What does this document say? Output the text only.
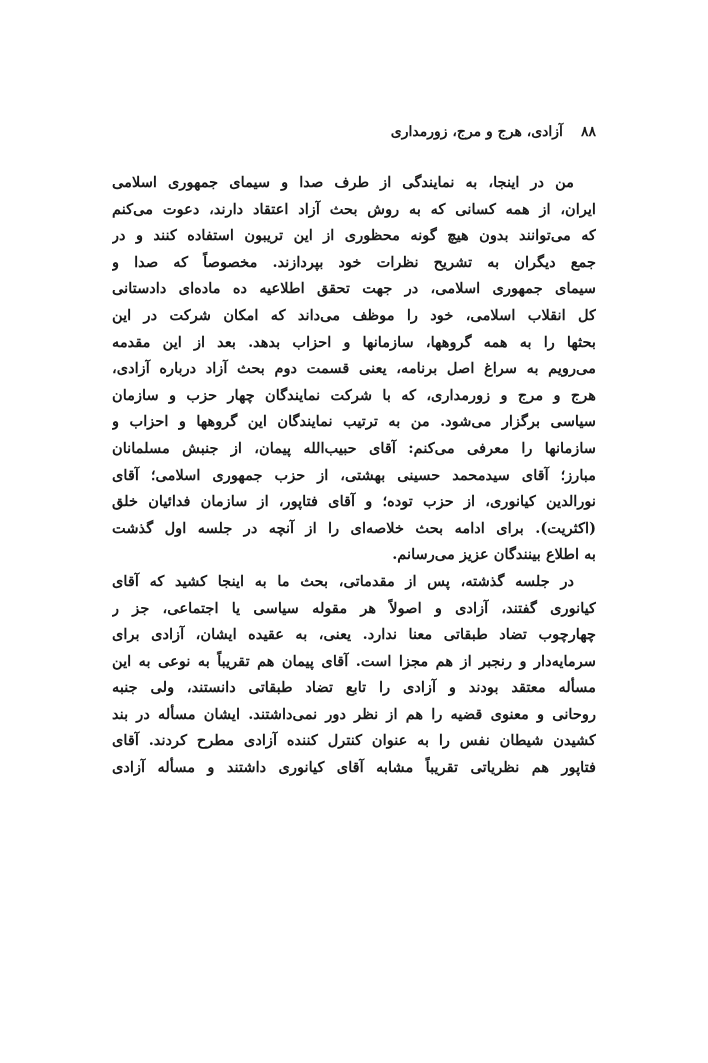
۸۸
آزادی، هرج و مرج، زورمداری
من در اینجا، به نمایندگی از طرف صدا و سیمای جمهوری اسلامی
ایران، از همه کسانی که به روش بحث آزاد اعتقاد دارند، دعوت می‌کنم
که می‌توانند بدون هیچ گونه محظوری از این تریبون استفاده کنند و در
جمع دیگران به تشریح نظرات خود بپردازند. مخصوصاً که صدا و
سیمای جمهوری اسلامی، در جهت تحقق اطلاعیه ده ماده‌ای دادستانی
کل انقلاب اسلامی، خود را موظف می‌داند که امکان شرکت در این
بحثها را به همه گروهها، سازمانها و احزاب بدهد. بعد از این مقدمه
می‌رویم به سراغ اصل برنامه، یعنی قسمت دوم بحث آزاد درباره آزادی،
هرج و مرج و زورمداری، که با شرکت نمایندگان چهار حزب و سازمان
سیاسی برگزار می‌شود. من به ترتیب نمایندگان این گروهها و احزاب و
سازمانها را معرفی می‌کنم: آقای حبیب‌الله پیمان، از جنبش مسلمانان
مبارز؛ آقای سیدمحمد حسینی بهشتی، از حزب جمهوری اسلامی؛ آقای
نورالدین کیانوری، از حزب توده؛ و آقای فتاپور، از سازمان فدائیان خلق
(اکثریت). برای ادامه بحث خلاصه‌ای را از آنچه در جلسه اول گذشت
به اطلاع بینندگان عزیز می‌رسانم.
در جلسه گذشته، پس از مقدماتی، بحث ما به اینجا کشید که آقای
کیانوری گفتند، آزادی و اصولاً هر مقوله سیاسی یا اجتماعی، جز ر
چهارچوب تضاد طبقاتی معنا ندارد. یعنی، به عقیده ایشان، آزادی برای
سرمایه‌دار و رنجبر از هم مجزا است. آقای پیمان هم تقریباً به نوعی به این
مسأله معتقد بودند و آزادی را تابع تضاد طبقاتی دانستند، ولی جنبه
روحانی و معنوی قضیه را هم از نظر دور نمی‌داشتند. ایشان مسأله در بند
کشیدن شیطان نفس را به عنوان کنترل کننده آزادی مطرح کردند. آقای
فتاپور هم نظریاتی تقریباً مشابه آقای کیانوری داشتند و مسأله آزادی
